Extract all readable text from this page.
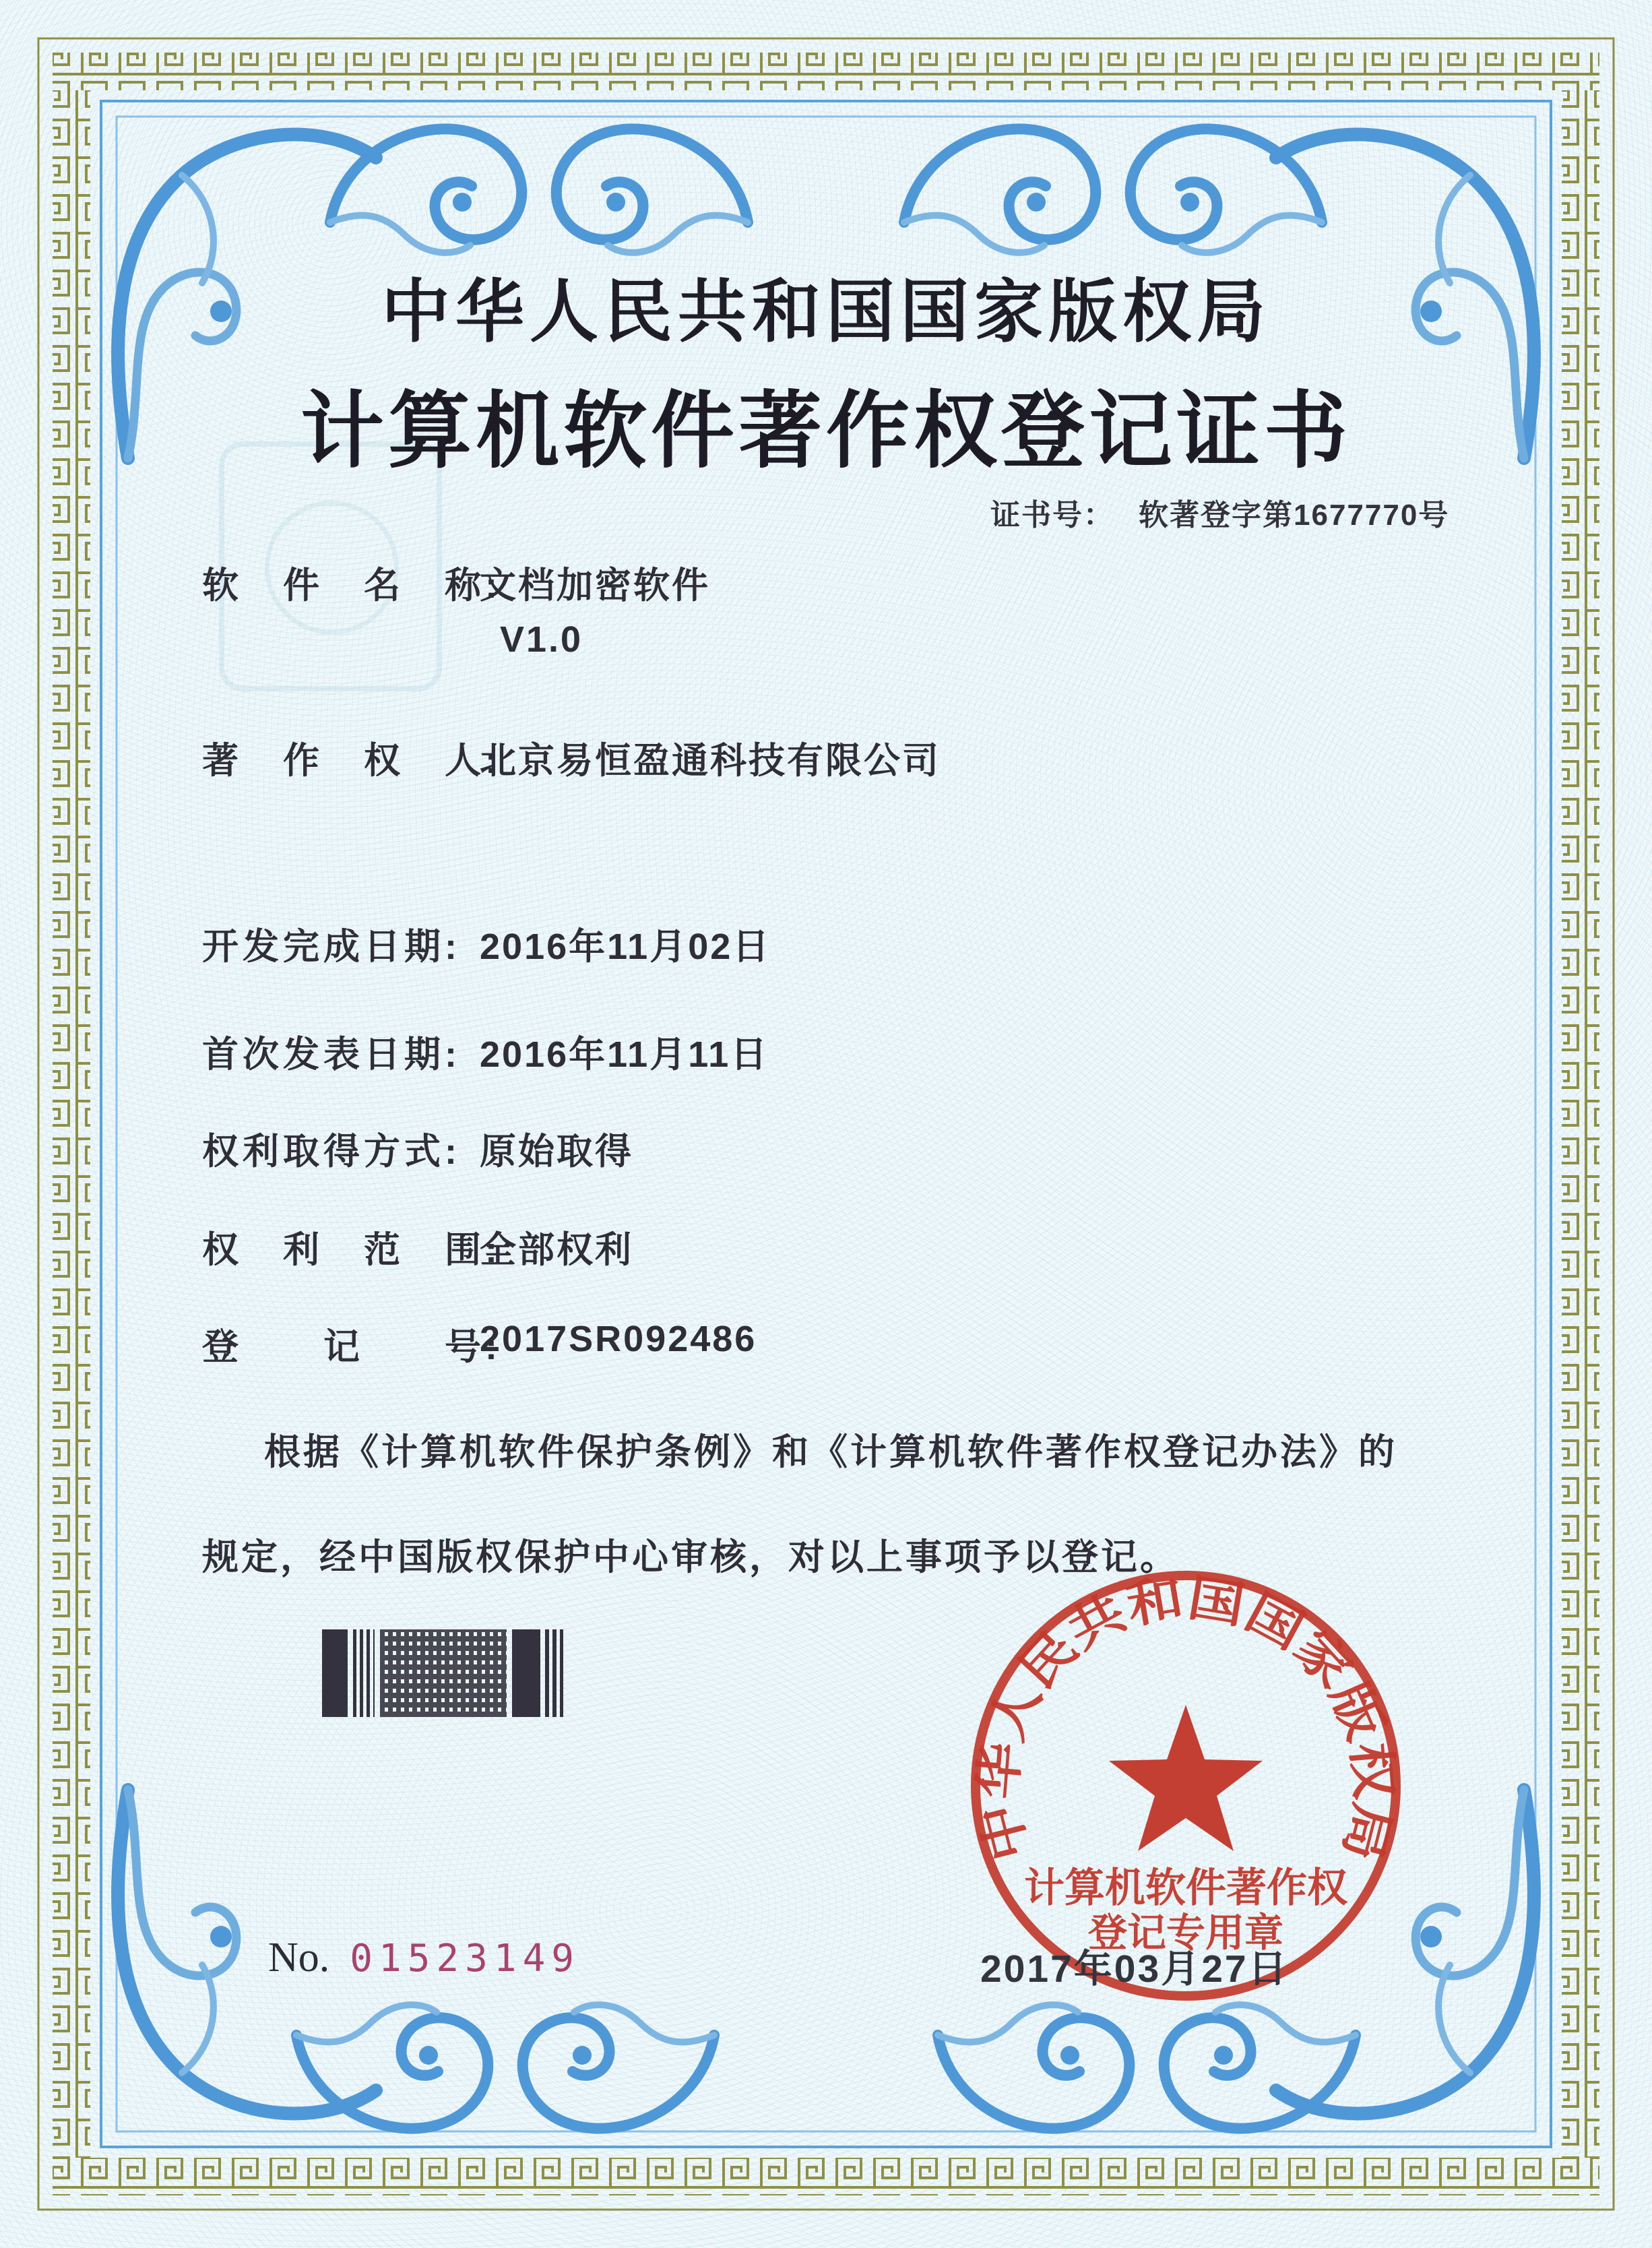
中华人民共和国国家版权局
计算机软件著作权登记证书
证书号： 软著登字第1677770号
软　件　名　称:
文档加密软件
V1.0
著　作　权　人:
北京易恒盈通科技有限公司
开发完成日期: 2016年11月02日
首次发表日期: 2016年11月11日
权利取得方式: 原始取得
权　利　范　围:
全部权利
登　　记　　号:
2017SR092486
根据《计算机软件保护条例》和《计算机软件著作权登记办法》的
规定，经中国版权保护中心审核，对以上事项予以登记。
中华人民共和国国家版权局
计算机软件著作权
登记专用章
2017年03月27日
No. 01523149
